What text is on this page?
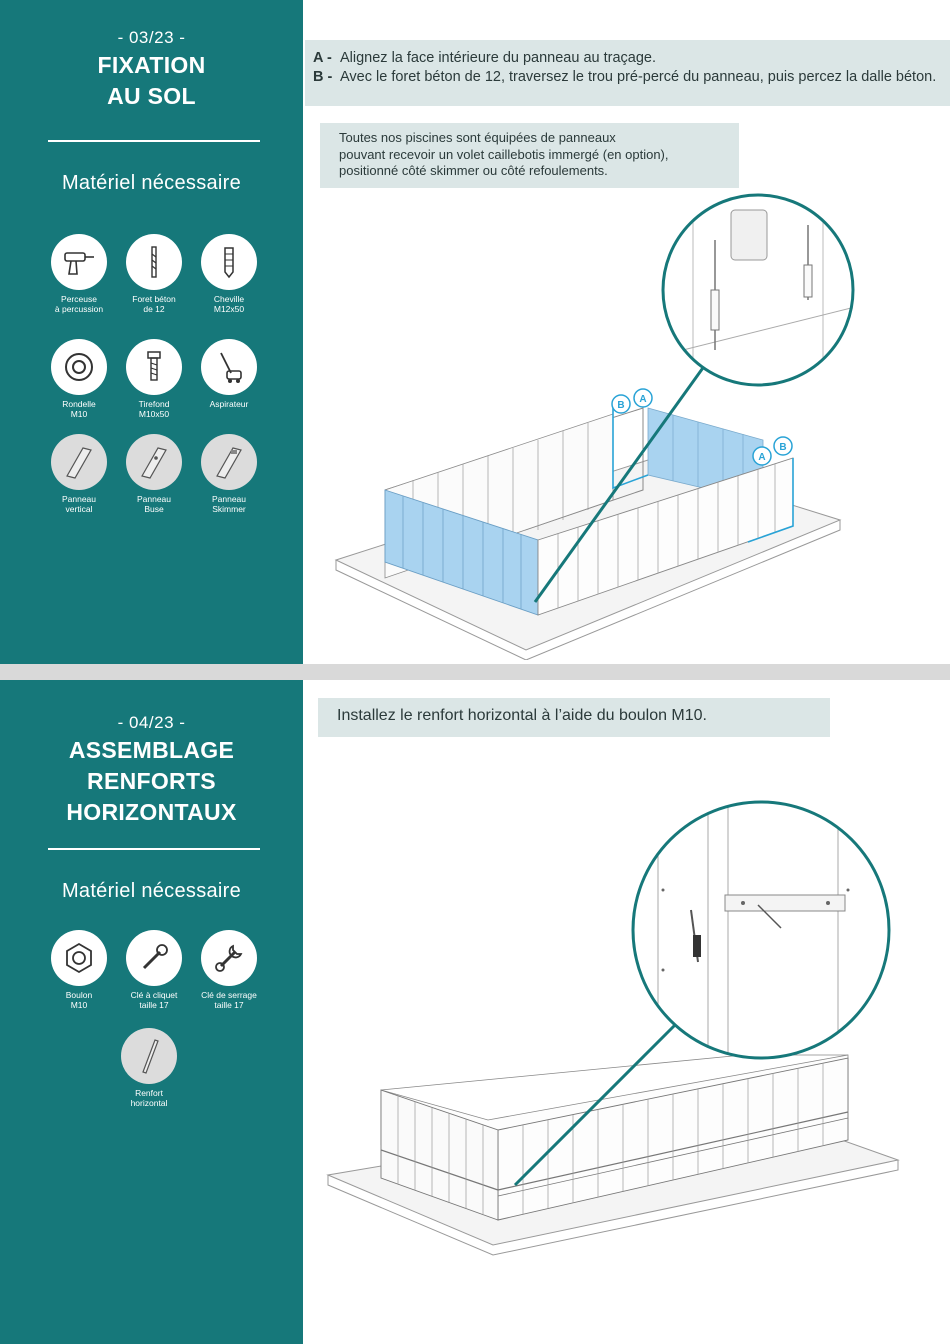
- 03/23 -
FIXATION
AU SOL
Matériel nécessaire
Perceuse
à percussion
Foret béton
de 12
Cheville
M12x50
Rondelle
M10
Tirefond
M10x50
Aspirateur
Panneau
vertical
Panneau
Buse
Panneau
Skimmer
A - Alignez la face intérieure du panneau au traçage.
B - Avec le foret béton de 12, traversez le trou pré-percé du panneau, puis percez la dalle béton.
Toutes nos piscines sont équipées de panneaux
pouvant recevoir un volet caillebotis immergé (en option),
positionné côté skimmer ou côté refoulements.
B
A
A
B
- 04/23 -
ASSEMBLAGE
RENFORTS
HORIZONTAUX
Matériel nécessaire
Boulon
M10
Clé à cliquet
taille 17
Clé de serrage
taille 17
Renfort
horizontal
Installez le renfort horizontal à l’aide du boulon M10.
